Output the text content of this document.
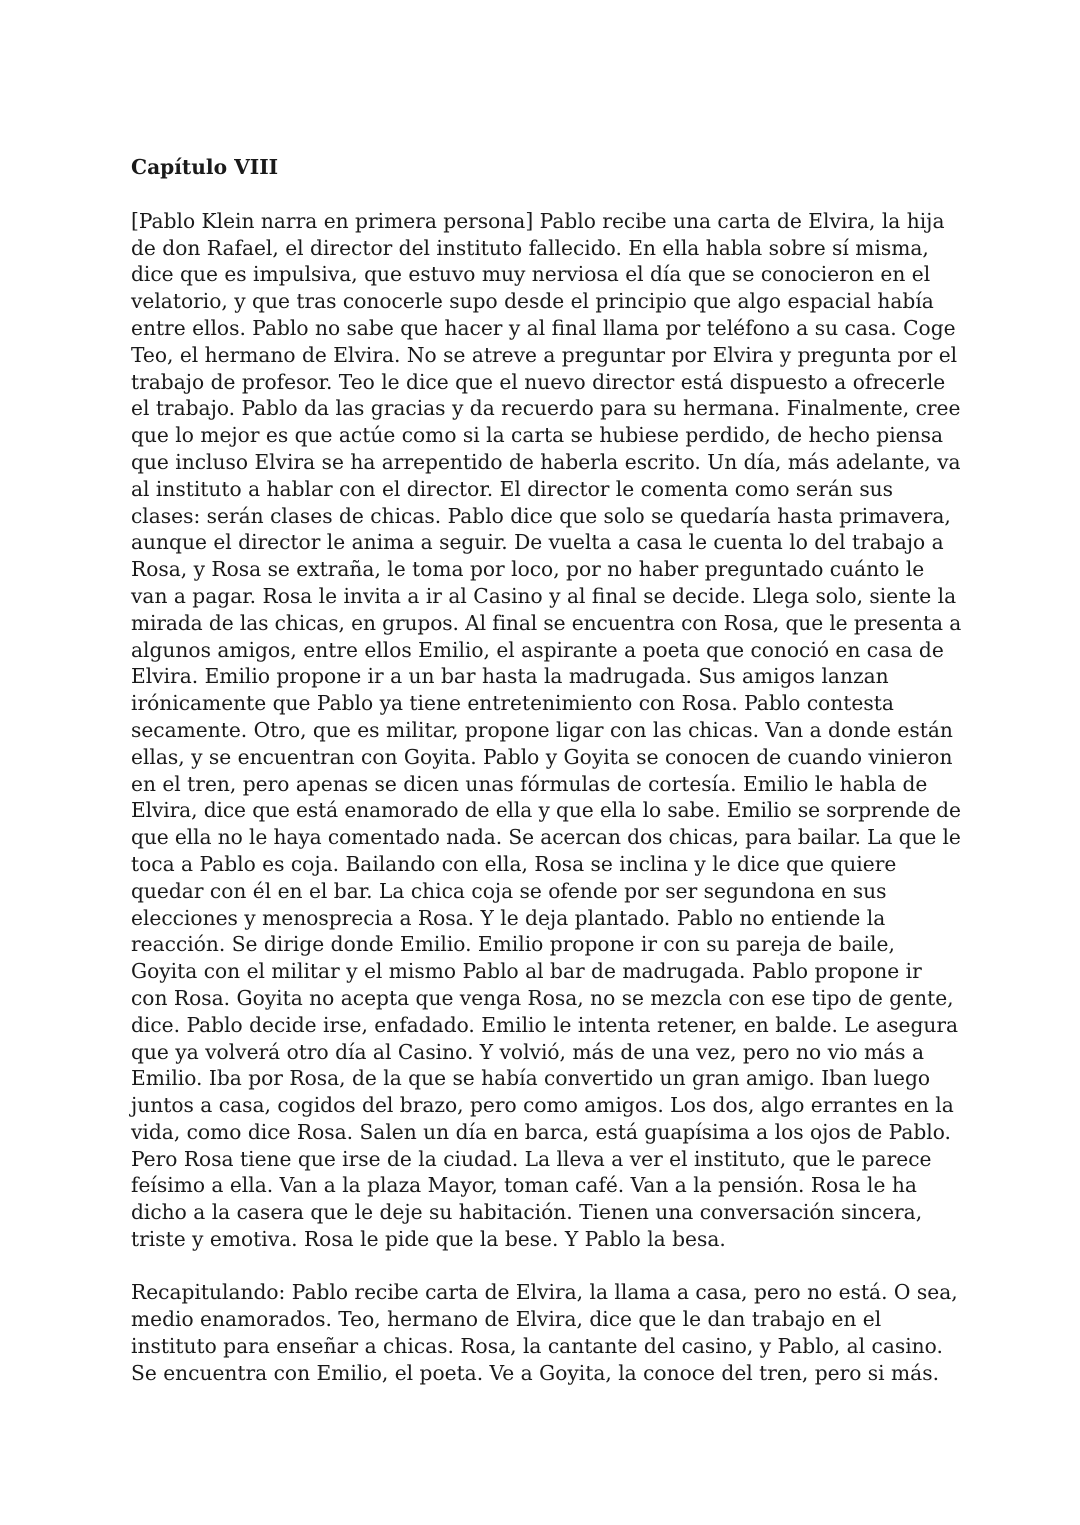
Capítulo VIII

[Pablo Klein narra en primera persona] Pablo recibe una carta de Elvira, la hija
de don Rafael, el director del instituto fallecido. En ella habla sobre sí misma,
dice que es impulsiva, que estuvo muy nerviosa el día que se conocieron en el
velatorio, y que tras conocerle supo desde el principio que algo espacial había
entre ellos. Pablo no sabe que hacer y al final llama por teléfono a su casa. Coge
Teo, el hermano de Elvira. No se atreve a preguntar por Elvira y pregunta por el
trabajo de profesor. Teo le dice que el nuevo director está dispuesto a ofrecerle
el trabajo. Pablo da las gracias y da recuerdo para su hermana. Finalmente, cree
que lo mejor es que actúe como si la carta se hubiese perdido, de hecho piensa
que incluso Elvira se ha arrepentido de haberla escrito. Un día, más adelante, va
al instituto a hablar con el director. El director le comenta como serán sus
clases: serán clases de chicas. Pablo dice que solo se quedaría hasta primavera,
aunque el director le anima a seguir. De vuelta a casa le cuenta lo del trabajo a
Rosa, y Rosa se extraña, le toma por loco, por no haber preguntado cuánto le
van a pagar. Rosa le invita a ir al Casino y al final se decide. Llega solo, siente la
mirada de las chicas, en grupos. Al final se encuentra con Rosa, que le presenta a
algunos amigos, entre ellos Emilio, el aspirante a poeta que conoció en casa de
Elvira. Emilio propone ir a un bar hasta la madrugada. Sus amigos lanzan
irónicamente que Pablo ya tiene entretenimiento con Rosa. Pablo contesta
secamente. Otro, que es militar, propone ligar con las chicas. Van a donde están
ellas, y se encuentran con Goyita. Pablo y Goyita se conocen de cuando vinieron
en el tren, pero apenas se dicen unas fórmulas de cortesía. Emilio le habla de
Elvira, dice que está enamorado de ella y que ella lo sabe. Emilio se sorprende de
que ella no le haya comentado nada. Se acercan dos chicas, para bailar. La que le
toca a Pablo es coja. Bailando con ella, Rosa se inclina y le dice que quiere
quedar con él en el bar. La chica coja se ofende por ser segundona en sus
elecciones y menosprecia a Rosa. Y le deja plantado. Pablo no entiende la
reacción. Se dirige donde Emilio. Emilio propone ir con su pareja de baile,
Goyita con el militar y el mismo Pablo al bar de madrugada. Pablo propone ir
con Rosa. Goyita no acepta que venga Rosa, no se mezcla con ese tipo de gente,
dice. Pablo decide irse, enfadado. Emilio le intenta retener, en balde. Le asegura
que ya volverá otro día al Casino. Y volvió, más de una vez, pero no vio más a
Emilio. Iba por Rosa, de la que se había convertido un gran amigo. Iban luego
juntos a casa, cogidos del brazo, pero como amigos. Los dos, algo errantes en la
vida, como dice Rosa. Salen un día en barca, está guapísima a los ojos de Pablo.
Pero Rosa tiene que irse de la ciudad. La lleva a ver el instituto, que le parece
feísimo a ella. Van a la plaza Mayor, toman café. Van a la pensión. Rosa le ha
dicho a la casera que le deje su habitación. Tienen una conversación sincera,
triste y emotiva. Rosa le pide que la bese. Y Pablo la besa.

Recapitulando: Pablo recibe carta de Elvira, la llama a casa, pero no está. O sea,
medio enamorados. Teo, hermano de Elvira, dice que le dan trabajo en el
instituto para enseñar a chicas. Rosa, la cantante del casino, y Pablo, al casino.
Se encuentra con Emilio, el poeta. Ve a Goyita, la conoce del tren, pero si más.
